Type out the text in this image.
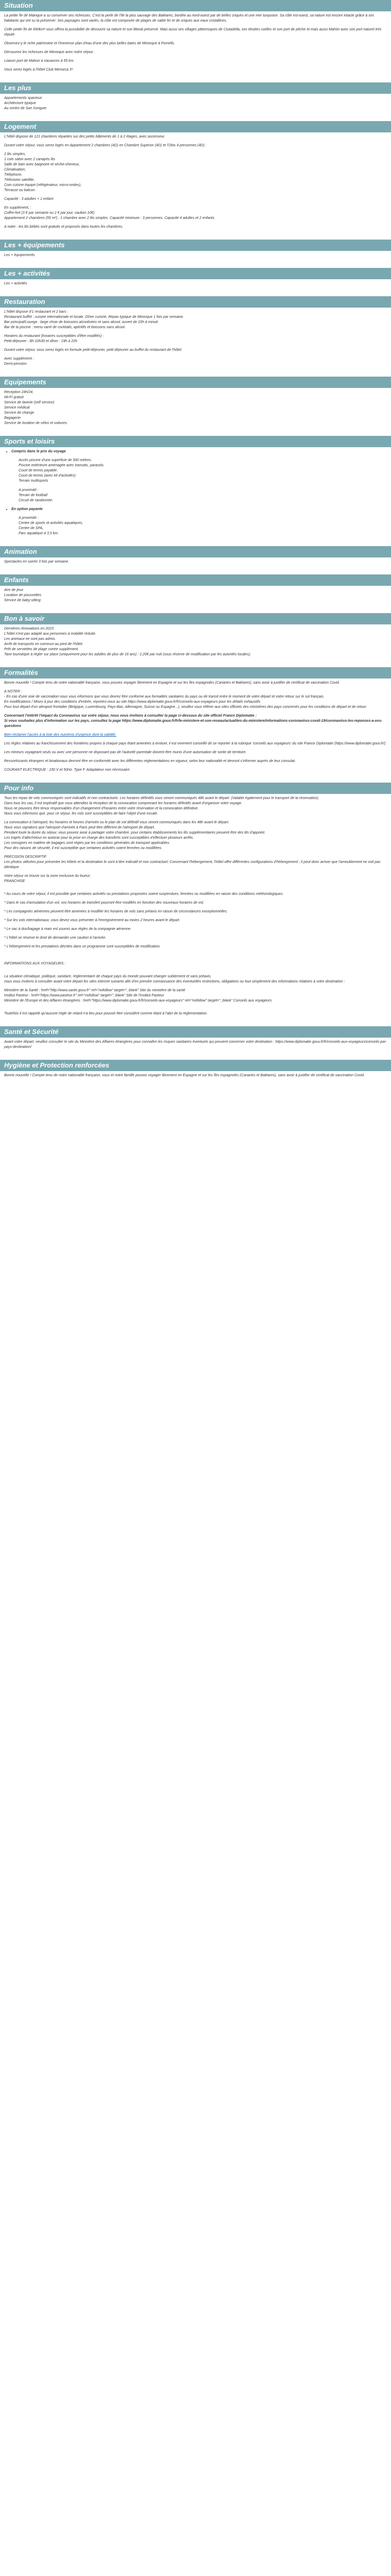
Situation

La petite île de Mainque a su conserver ses richesses. C'est la perle de l'Ile la plus sauvage des Baléares, bordée au nord-ouest par de belles criques et une mer turquoise. Sa côte est-ouest, sa nature est encore intacte grâce à ses habitants qui ont su la préserver. Ses paysages sont variés, la côte est composée de plages de sable fin et de criques aux eaux cristallines.

Celle petite île de 690km² vous offrira la possibilité de découvrir sa nature et son littoral préservé. Mais aussi ses villages pittoresques de Ciutadella, ses étroites ruelles et son port de pêche et mais aussi Mahón avec son port naturel très réputé.

Observez-y le riche patrimoine et l'immense plan d'eau d'une des plus belles baies de Minorque à Fornells.

Découvrez les richesses de Minorque avec notre séjour.

Liaison port de Mahon à Vacances à 55 km.

Vous serez logés à l'hôtel Club Menorca 3*.

Les plus

Appartements spacieux

Architecture typique

Au centre de San Xoriguer

Logement

L'hôtel dispose de 121 chambres réparties sur des petits bâtiments de 1 à 2 étages, avec ascenseur.

Durant votre séjour, vous serez logés en Appartement 2 chambres (4D) en Chambre Superior (4D) et T2bis 4 personnes (4D) :

2 lits simples,
1 coin salon avec 2 canapés lits
Salle de bain avec baignoire et sèche-cheveux,
Climatisation,
Téléphone,
Télévision satellite,
Coin cuisine équipé (réfrigérateur, micro-ondes),
Terrasse ou balcon.

Capacité : 3 adultes + 1 enfant

En supplément, :

Coffre-fort (3 € par semaine ou 2 € par jour, caution 10€)
Appartement 2 chambres (55 m²) : 1 chambre avec 2 lits simples. Capacité minimum : 3 personnes. Capacité 4 adultes et 2 enfants.

A noter : les lits bébés sont gratuits et proposés dans toutes les chambres.

Les + équipements

Les + équipements

Les + activités

Les + activités

Restauration
L'hôtel dispose d'1 restaurant et 2 bars :
Restaurant buffet : cuisine internationale et locale. Dîner cuisiné, Repas typique de Minorque 1 fois par semaine.
Bar principal/Lounge : large choix de boissons alcoolisées et sans alcool, ouvert de 10h à minuit.
Bar de la piscine : menu varié de cocktails, apéritifs et boissons sans alcool.

Horaires du restaurant (horaires susceptibles d'être modifiés) :

Petit-déjeuner : 8h-10h30 et dîner : 19h à 22h

Durant votre séjour, vous serez logés en formule petit-déjeuner, petit déjeuner au buffet du restaurant de l'hôtel.

Avec supplément :

Demi-pension.

Equipements
Réception 24h/24,
Wi-Fi gratuit
Service de laverie (self service)
Service médical
Service de change
Bagagerie
Service de location de vélos et voitures.
Sports et loisirs
• Compris dans le prix du voyage
Accès piscine d'une superficie de 500 mètres.
Piscine extérieure aménagée avec transats, parasols.
Court de tennis payable.
Court de tennis (avec kit d'activités)
Terrain multisports
A proximité :
Terrain de football
Circuit de randonnée.
• En option payante
A proximité :
Centre de sports et activités aquatiques,
Centre de SPA,
Parc aquatique à 3,5 km.
Animation

Spectacles en soirée 3 fois par semaine.

Enfants

Aire de jeux

Location de poussettes

Service de baby-sitting

Bon à savoir

Dernières rénovations en 2023.

L'hôtel n'est pas adapté aux personnes à mobilité réduite.

Les animaux ne sont pas admis.

Arrêt de transports en commun au pied de l'hôtel.

Prêt de serviettes de plage contre supplément.

Taxe touristique à régler sur place (uniquement pour les adultes de plus de 16 ans) : 2,20€ par nuit (sous réserve de modification par les autorités locales).

Formalités

Bonne nouvelle ! Compte tenu de notre nationalité française, vous pouvez voyager librement en Espagne et sur les îles espagnoles (Canaries et Baléares), sans avoir à justifier de certificat de vaccination Covid.

A NOTER :

- En cas d'une voie de vaccination nous vous informons que vous devrez être conforme aux formalités sanitaires du pays ou de transit entre le moment de votre départ et votre retour sur le sol français.

En modifications / Mises à jour des conditions d'entrée, reportez-vous au site https://www.diplomatie.gouv.fr/fr/conseils-aux-voyageurs pour les détails exhaustifs.

Pour tout départ d'un aéroport frontalier (Belgique, Luxembourg, Pays-Bas, Allemagne, Suisse ou Espagne...), veuillez vous référer aux sites officiels des ministères des pays concernés pour les conditions de départ et de retour.

Concernant l'intérêt l'impact du Coronavirus sur votre séjour, nous vous invitons à consulter la page ci-dessous du site officiel France Diplomatie :

Si vous souhaitez plus d'information sur les pays, consultez la page https://www.diplomatie.gouv.fr/fr/le-ministere-et-son-reseau/actualites-du-ministere/informations-coronavirus-covid-19/coronavirus-les-reponses-a-vos-questions

Bien réclamer l'accès à la liste des numéros d'urgence dont la validité.

Les règles relatives au franchissement des frontières propres à chaque pays étant amenées à évoluer, il est vivement conseillé de se reporter à la rubrique 'conseils aux voyageurs' du site France Diplomatie (https://www.diplomatie.gouv.fr/).

Les mineurs voyageant seuls ou avec une personne ne disposant pas de l'autorité parentale doivent être munis d'une autorisation de sortie de territoire.

Ressortissants étrangers et binationaux devront être en conformité avec les différentes réglementations en vigueur, selon leur nationalité et devront s'informer auprès de leur consulat.

COURANT ELECTRIQUE : 230 V et 50Hz. Type F. Adaptateur non nécessaire.

Pour info

Tous les repas de vols communiqués sont indicatifs et non contractuels. Les horaires définitifs vous seront communiqués 48h avant le départ. (Valable également pour le transport de la réservation).

Dans tous les cas, il est impératif que vous attendiez la réception de la convocation comprenant les horaires définitifs avant d'organiser votre voyage.

Nous ne pouvons être tenus responsables d'un changement d'horaires entre votre réservation et la convocation définitive.

Nous vous informons que, pour ce séjour, les vols sont susceptibles de faire l'objet d'une escale.

La convocation à l'aéroport, les horaires et heures d'arrivée ou le plan de vol définitif vous seront communiqués dans les 48h avant le départ.

Nous vous signalons que l'aéroport d'arrivée à Paris peut être différent de l'aéroport de départ.

Pendant toute la durée du séjour, vous pouvez avoir à partager votre chambre, pour certains établissements les lits supplémentaires peuvent être des lits d'appoint.

Les trajets d'aller/retour en autocar pour la prise en charge des transferts sont susceptibles d'effectuer plusieurs arrêts.

Les consignes en matière de bagages sont régies par les conditions générales de transport applicables.

Pour des raisons de sécurité, il est susceptible que certaines activités soient fermées ou modifiées.

PRECISION DESCRIPTIF

Les photos utilisées pour présenter les hôtels et la destination le sont à titre indicatif et non contractuel. Concernant l'hébergement, l'hôtel offre différentes configurations d'hébergement ; il peut donc arriver que l'ameublement ne soit pas identique.

Votre séjour se trouve sur la zone exclusive du loueur.

FRANCHISE

* Au cours de votre séjour, il est possible que certaines activités ou prestations proposées soient suspendues, fermées ou modifiées en raison des conditions météorologiques.

* Dans le cas d'annulation d'un vol, vos horaires de transfert pourront être modifiés en fonction des nouveaux horaires de vol.

* Les compagnies aériennes peuvent être amenées à modifier les horaires de vols sans préavis en raison de circonstances exceptionnelles.

* Sur les vols internationaux, vous devez vous présenter à l'enregistrement au moins 2 heures avant le départ.

* Le sac à dos/bagage à main est soumis aux règles de la compagnie aérienne.

* L'hôtel se réserve le droit de demander une caution à l'arrivée.

* L'hébergement et les prestations décrites dans ce programme sont susceptibles de modification.

INFORMATIONS AUX VOYAGEURS :

La situation climatique, politique, sanitaire, réglementaire de chaque pays du monde pouvant changer subitement et sans préavis,

nous vous invitons à consulter avant votre départ les sites internet suivants afin d'en prendre connaissance des éventuelles restrictions, obligations ou tout simplement des informations relatives à votre destination :

Ministère de la Santé : href="http://www.sante.gouv.fr" rel="nofollow" target="_blank" Site du ministère de la santé

Institut Pasteur : href="https://www.pasteur.fr" rel="nofollow" target="_blank" Site de l'Institut Pasteur

Ministère de l'Europe et des Affaires étrangères : href="https://www.diplomatie.gouv.fr/fr/conseils-aux-voyageurs" rel="nofollow" target="_blank" Conseils aux voyageurs

Toutefois il est rappelé qu'aucune règle de retard n'a lieu pour pouvoir être considéré comme étant à l'abri de la réglementation.

Santé et Sécurité

Avant votre départ, veuillez consulter le site du Ministère des Affaires étrangères pour connaître les risques sanitaires éventuels qui peuvent concerner votre destination : https://www.diplomatie.gouv.fr/fr/conseils-aux-voyageurs/conseils-par-pays-destination/

Hygiène et Protection renforcées

Bonne nouvelle ! Compte tenu de notre nationalité française, vous et notre famille pouvez voyager librement en Espagne et sur les îles espagnoles (Canaries et Baléares), sans avoir à justifier de certificat de vaccination Covid.
